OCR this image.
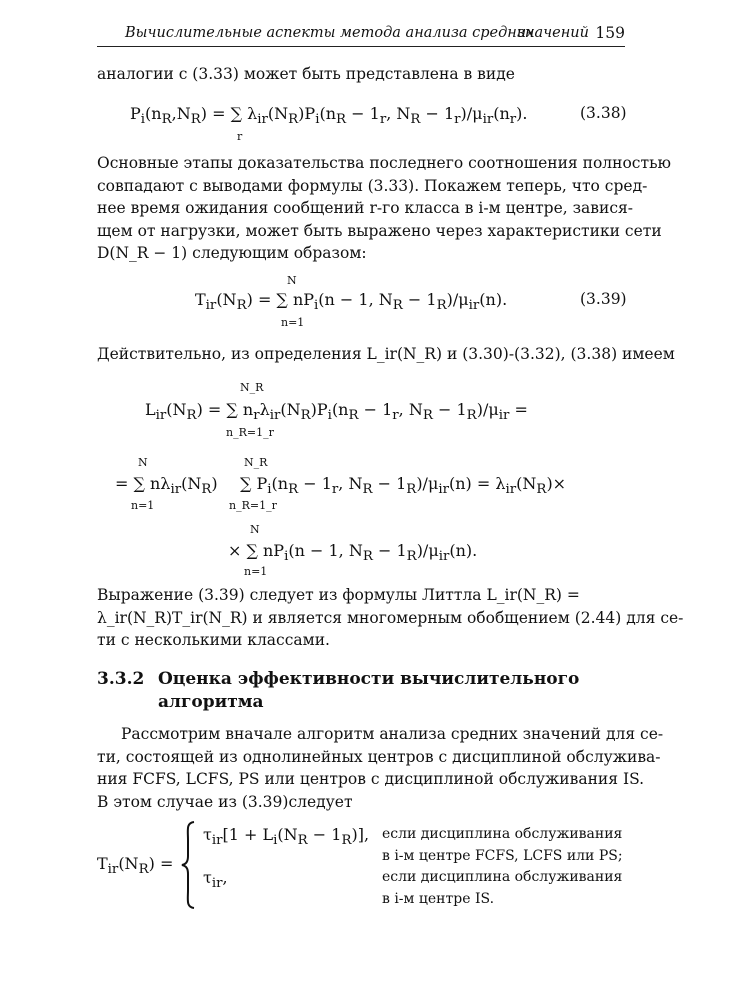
Вычислительные аспекты метода анализа средних
значений 159
аналогии с (3.33) может быть представлена в виде
$P_i(n_R,N_R)$ = ∑ $\lambda_{ir}(N_R)P_i(n_R - 1_r$, $N_R - 1_r)/\mu_{ir}(n_r)$.
r
(3.38)
Основные этапы доказательства последнего соотношения полностью
совпадают с выводами формулы (3.33). Покажем теперь, что сред-
нее время ожидания сообщений r-го класса в i-м центре, завися-
щем от нагрузки, может быть выражено через характеристики сети
D(N_R − 1) следующим образом:
N
$T_{ir}(N_R)$ = ∑ $nP_i(n - 1$, $N_R - 1_R)/\mu_{ir}(n)$.
n=1
(3.39)
Действительно, из определения L_ir(N_R) и (3.30)-(3.32), (3.38) имеем
N_R
$L_{ir}(N_R)$ = ∑ $n_r\lambda_{ir}(N_R)P_i(n_R - 1_r$, $N_R - 1_R)/\mu_{ir}$ =
n_R=1_r
N
= ∑ $n\lambda_{ir}(N_R)$
n=1
N_R
∑ $P_i(n_R - 1_r$, $N_R - 1_R)/\mu_{ir}(n) = \lambda_{ir}(N_R)\times$
n_R=1_r
N
× ∑ $nP_i(n - 1$, $N_R - 1_R)/\mu_{ir}(n)$.
n=1
Выражение (3.39) следует из формулы Литтла L_ir(N_R) =
λ_ir(N_R)T_ir(N_R) и является многомерным обобщением (2.44) для се-
ти с несколькими классами.
3.3.2 Оценка эффективности вычислительного
алгоритма
Рассмотрим вначале алгоритм анализа средних значений для се-
ти, состоящей из однолинейных центров с дисциплиной обслужива-
ния FCFS, LCFS, PS или центров с дисциплиной обслуживания IS.
В этом случае из (3.39)следует
$T_{ir}(N_R)$ =
$\tau_{ir}[1 + L_i(N_R - 1_R)]$, если дисциплина обслуживания
в i-м центре FCFS, LCFS или PS;
$\tau_{ir}$,	если дисциплина обслуживания
в i-м центре IS.
